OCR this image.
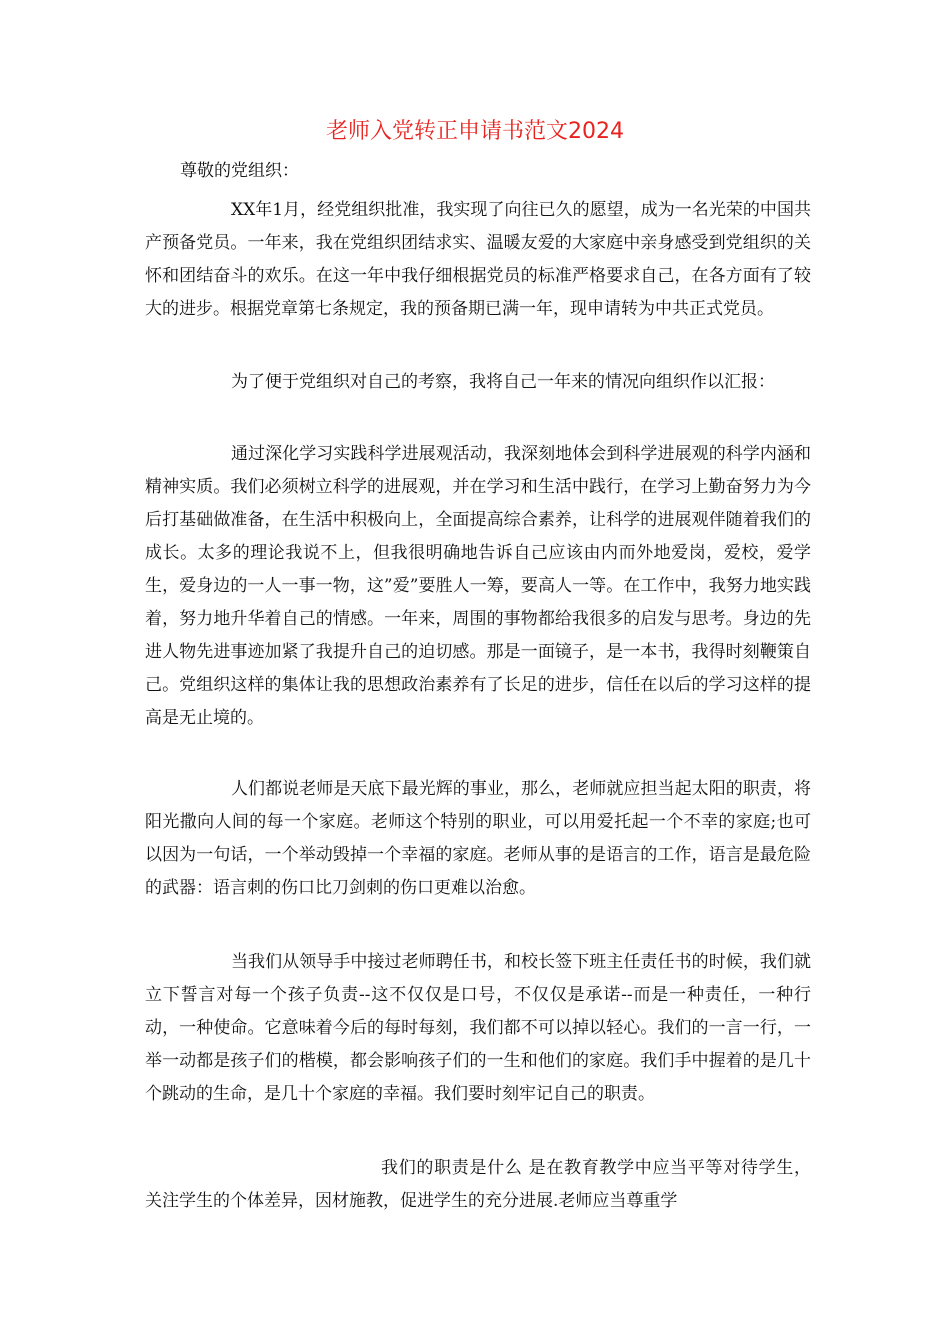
老师入党转正申请书范文2024

尊敬的党组织：

XX年1月，经党组织批准，我实现了向往已久的愿望，成为一名光荣的中国共产预备党员。一年来，我在党组织团结求实、温暖友爱的大家庭中亲身感受到党组织的关怀和团结奋斗的欢乐。在这一年中我仔细根据党员的标准严格要求自己，在各方面有了较大的进步。根据党章第七条规定，我的预备期已满一年，现申请转为中共正式党员。

为了便于党组织对自己的考察，我将自己一年来的情况向组织作以汇报：

通过深化学习实践科学进展观活动，我深刻地体会到科学进展观的科学内涵和精神实质。我们必须树立科学的进展观，并在学习和生活中践行，在学习上勤奋努力为今后打基础做准备，在生活中积极向上，全面提高综合素养，让科学的进展观伴随着我们的成长。太多的理论我说不上，但我很明确地告诉自己应该由内而外地爱岗，爱校，爱学生，爱身边的一人一事一物，这”爱”要胜人一筹，要高人一等。在工作中，我努力地实践着，努力地升华着自己的情感。一年来，周围的事物都给我很多的启发与思考。身边的先进人物先进事迹加紧了我提升自己的迫切感。那是一面镜子，是一本书，我得时刻鞭策自己。党组织这样的集体让我的思想政治素养有了长足的进步，信任在以后的学习这样的提高是无止境的。

人们都说老师是天底下最光辉的事业，那么，老师就应担当起太阳的职责，将阳光撒向人间的每一个家庭。老师这个特别的职业，可以用爱托起一个不幸的家庭;也可以因为一句话，一个举动毁掉一个幸福的家庭。老师从事的是语言的工作，语言是最危险的武器：语言刺的伤口比刀剑刺的伤口更难以治愈。

当我们从领导手中接过老师聘任书，和校长签下班主任责任书的时候，我们就立下誓言对每一个孩子负责--这不仅仅是口号，不仅仅是承诺--而是一种责任，一种行动，一种使命。它意味着今后的每时每刻，我们都不可以掉以轻心。我们的一言一行，一举一动都是孩子们的楷模，都会影响孩子们的一生和他们的家庭。我们手中握着的是几十个跳动的生命，是几十个家庭的幸福。我们要时刻牢记自己的职责。

我们的职责是什么 是在教育教学中应当平等对待学生，关注学生的个体差异，因材施教，促进学生的充分进展.老师应当尊重学
